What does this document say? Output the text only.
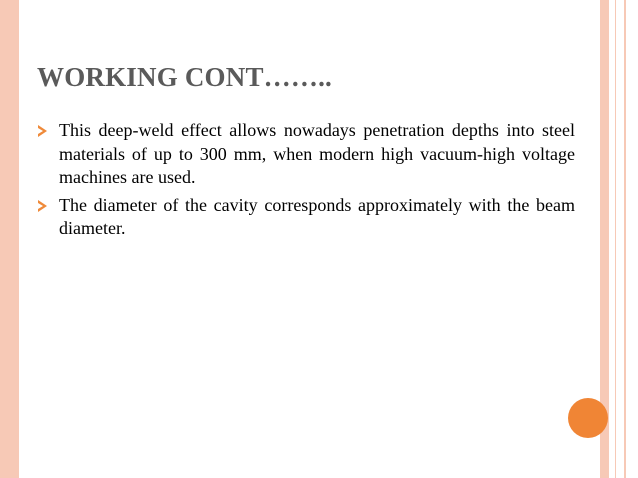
WORKING CONT……..
This deep-weld effect allows nowadays penetration depths into steel materials of up to 300 mm, when modern high vacuum-high voltage machines are used.
The diameter of the cavity corresponds approximately with the beam diameter.
